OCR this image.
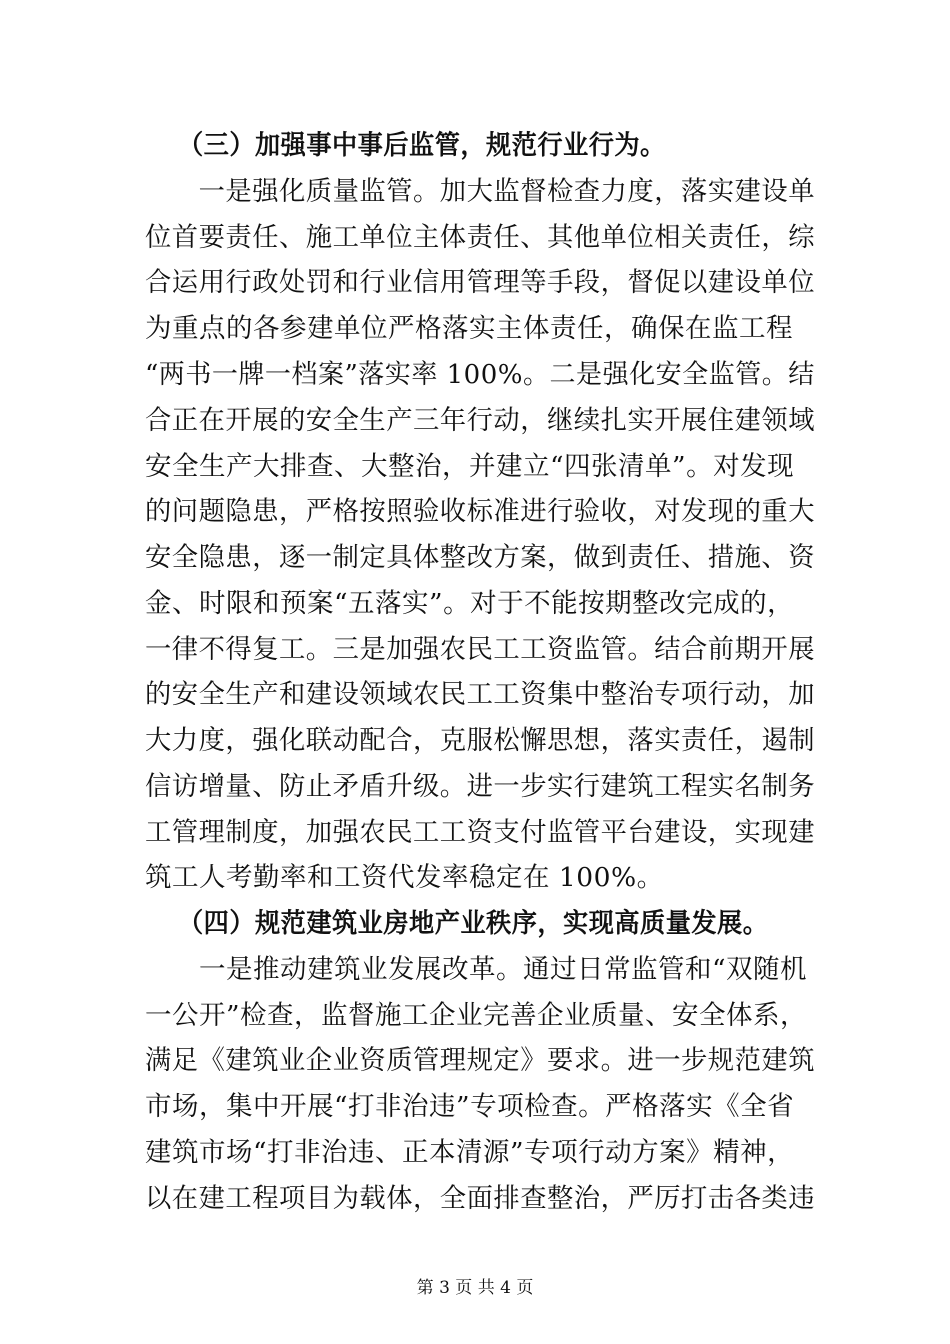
（三）加强事中事后监管，规范行业行为。
　　一是强化质量监管。加大监督检查力度，落实建设单
位首要责任、施工单位主体责任、其他单位相关责任，综
合运用行政处罚和行业信用管理等手段，督促以建设单位
为重点的各参建单位严格落实主体责任，确保在监工程
“两书一牌一档案”落实率 100%。二是强化安全监管。结
合正在开展的安全生产三年行动，继续扎实开展住建领域
安全生产大排查、大整治，并建立“四张清单”。对发现
的问题隐患，严格按照验收标准进行验收，对发现的重大
安全隐患，逐一制定具体整改方案，做到责任、措施、资
金、时限和预案“五落实”。对于不能按期整改完成的，
一律不得复工。三是加强农民工工资监管。结合前期开展
的安全生产和建设领域农民工工资集中整治专项行动，加
大力度，强化联动配合，克服松懈思想，落实责任，遏制
信访增量、防止矛盾升级。进一步实行建筑工程实名制务
工管理制度，加强农民工工资支付监管平台建设，实现建
筑工人考勤率和工资代发率稳定在 100%。
（四）规范建筑业房地产业秩序，实现高质量发展。
　　一是推动建筑业发展改革。通过日常监管和“双随机
一公开”检查，监督施工企业完善企业质量、安全体系，
满足《建筑业企业资质管理规定》要求。进一步规范建筑
市场，集中开展“打非治违”专项检查。严格落实《全省
建筑市场“打非治违、正本清源”专项行动方案》精神，
以在建工程项目为载体，全面排查整治，严厉打击各类违
第 3 页 共 4 页
